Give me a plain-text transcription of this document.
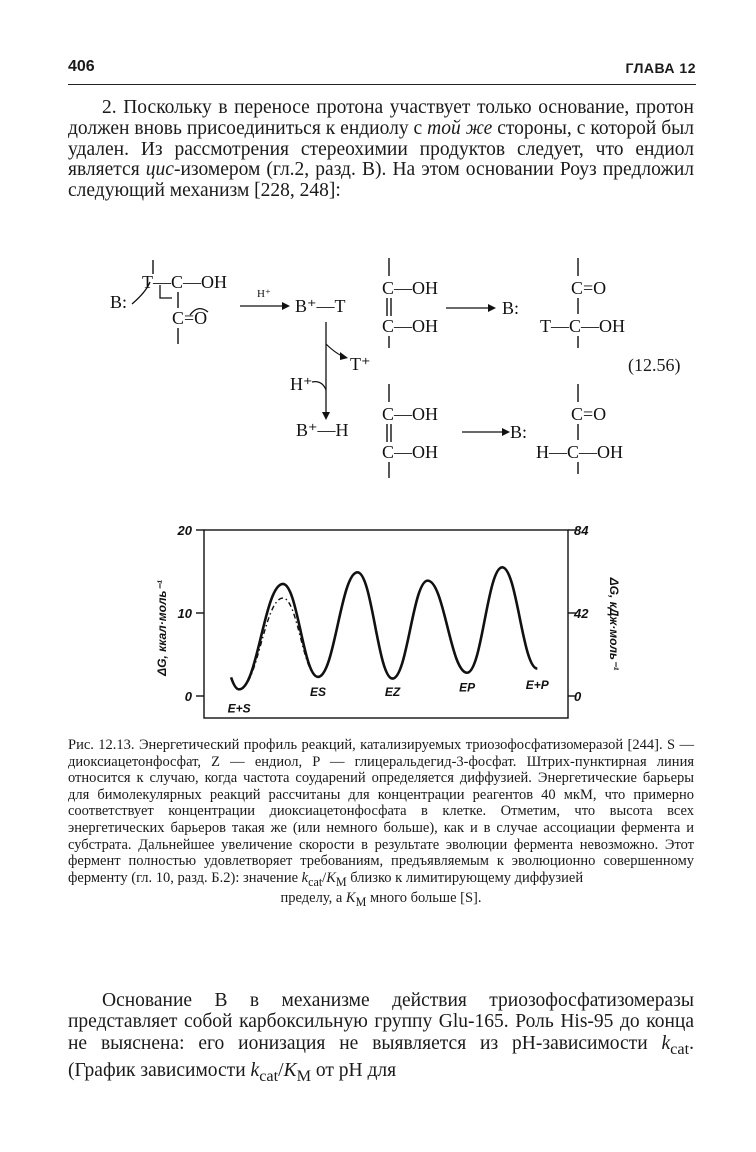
406	ГЛАВА 12

2. Поскольку в переносе протона участвует только основание, протон должен вновь присоединиться к ендиолу с той же стороны, с которой был удален. Из рассмотрения стереохимии продуктов следует, что ендиол является цис-изомером (гл.2, разд. В). На этом основании Роуз предложил следующий механизм [228, 248]:

B:
T—C—OH
C=O
H⁺
B⁺—T
C—OH
C—OH
B:
C=O
T—C—OH
T⁺
H⁺
B⁺—H
C—OH
C—OH
B:
C=O
H—C—OH
(12.56)
0	0
10	42
20	84
E+S
ES	EZ	EP	E+P
ΔG, ккал·моль⁻¹	ΔG, кДж·моль⁻¹
Рис. 12.13. Энергетический профиль реакций, катализируемых триозофосфатизомеразой [244]. S — диоксиацетонфосфат, Z — ендиол, P — глицеральдегид-3-фосфат. Штрих-пунктирная линия относится к случаю, когда частота соударений определяется диффузией. Энергетические барьеры для бимолекулярных реакций рассчитаны для концентрации реагентов 40 мкМ, что примерно соответствует концентрации диоксиацетонфосфата в клетке. Отметим, что высота всех энергетических барьеров такая же (или немного больше), как и в случае ассоциации фермента и субстрата. Дальнейшее увеличение скорости в результате эволюции фермента невозможно. Этот фермент полностью удовлетворяет требованиям, предъявляемым к эволюционно совершенному ферменту (гл. 10, разд. Б.2): значение $k_{cat}/K_M$ близко к лимитирующему диффузией
пределу, а $K_M$ много больше [S].

Основание B в механизме действия триозофосфатизомеразы представляет собой карбоксильную группу Glu-165. Роль His-95 до конца не выяснена: его ионизация не выявляется из pH-зависимости $k_{cat}$. (График зависимости $k_{cat}/K_M$ от pH для
